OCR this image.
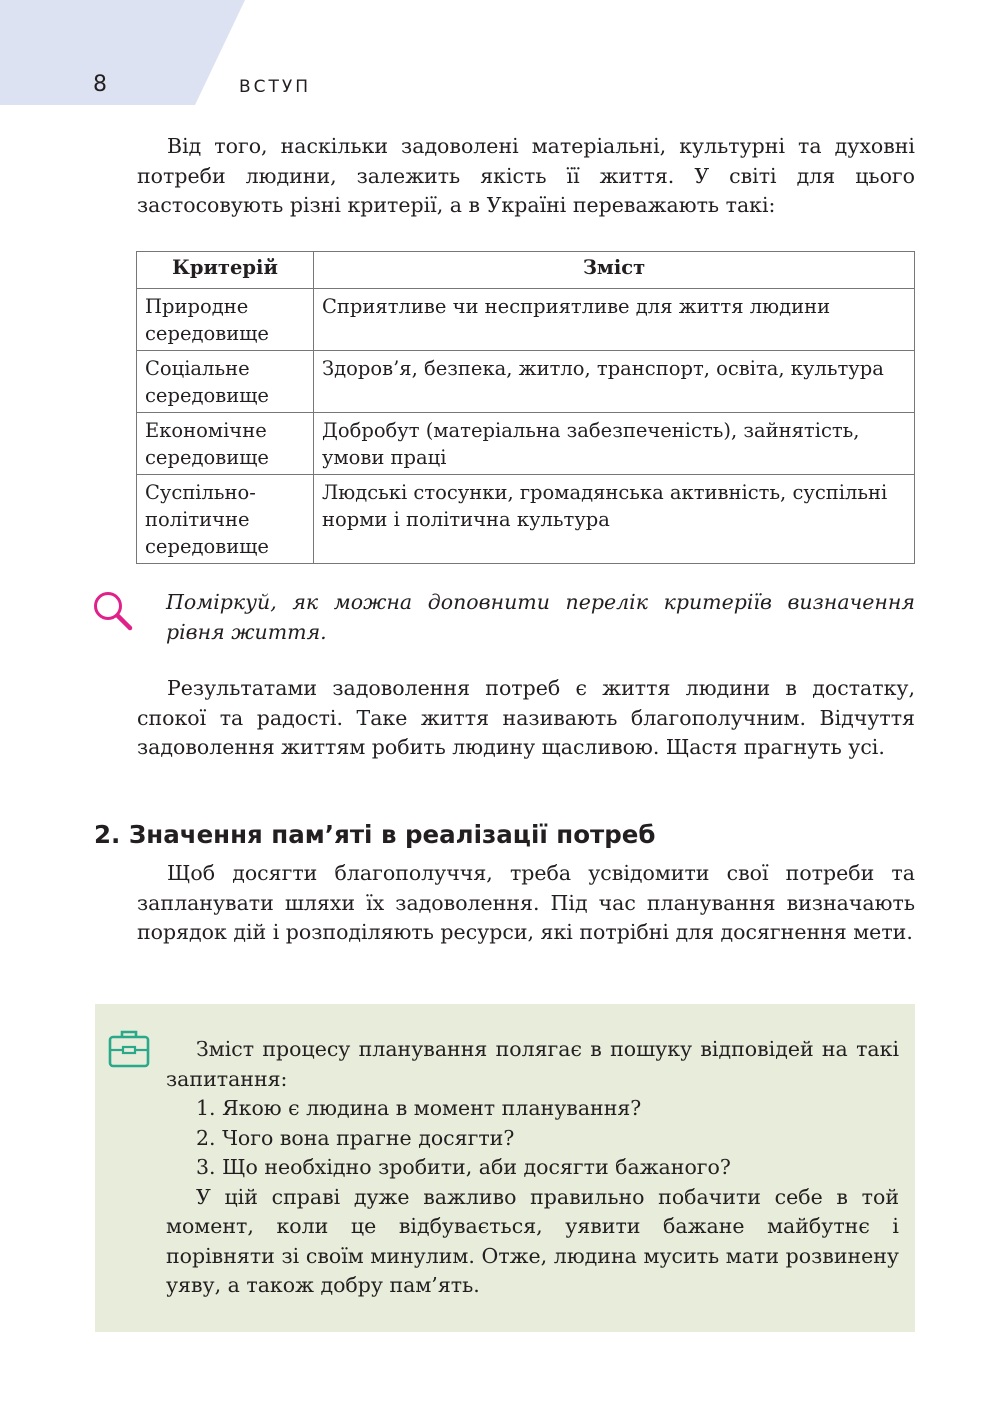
8	ВСТУП

Від того, наскільки задоволені матеріальні, культурні та духовні потреби людини, залежить якість її життя. У світі для цього застосовують різні критерії, а в Україні переважають такі:

Критерій	Зміст
Природне середовище	Сприятливе чи несприятливе для життя людини
Соціальне середовище	Здоров’я, безпека, житло, транспорт, освіта, культура
Економічне середовище	Добробут (матеріальна забезпеченість), зайнятість, умови праці
Суспільно-політичне середовище	Людські стосунки, громадянська активність, суспільні норми і політична культура

Поміркуй, як можна доповнити перелік критеріїв визначення рівня життя.

Результатами задоволення потреб є життя людини в достатку, спокої та радості. Таке життя називають благополучним. Відчуття задоволення життям робить людину щасливою. Щастя прагнуть усі.

2. Значення пам’яті в реалізації потреб

Щоб досягти благополуччя, треба усвідомити свої потреби та запланувати шляхи їх задоволення. Під час планування визначають порядок дій і розподіляють ресурси, які потрібні для досягнення мети.

Зміст процесу планування полягає в пошуку відповідей на такі запитання:

1. Якою є людина в момент планування?

2. Чого вона прагне досягти?

3. Що необхідно зробити, аби досягти бажаного?

У цій справі дуже важливо правильно побачити себе в той момент, коли це відбувається, уявити бажане майбутнє і порівняти зі своїм минулим. Отже, людина мусить мати розвинену уяву, а також добру пам’ять.
